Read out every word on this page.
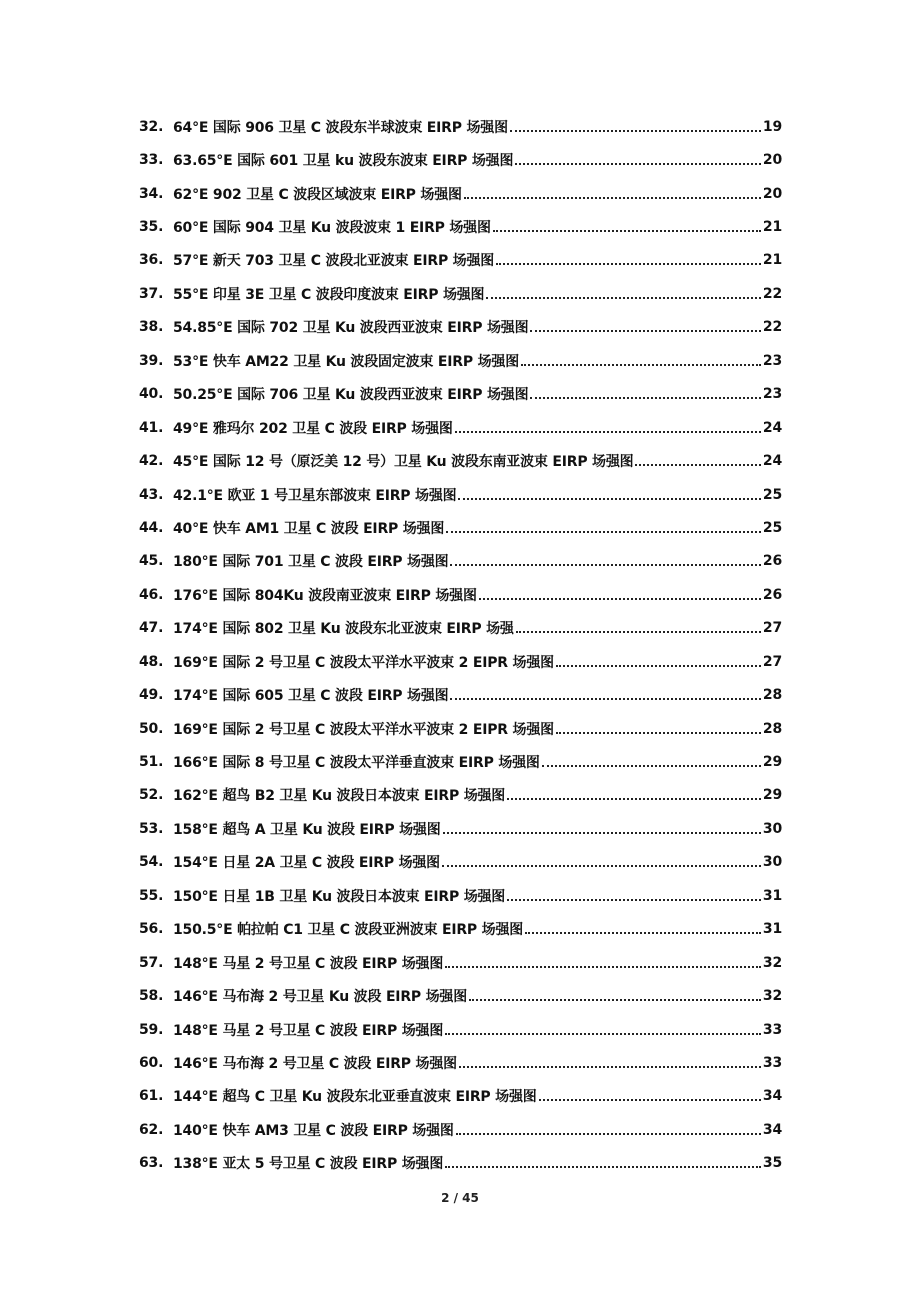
32. 64°E 国际 906 卫星 C 波段东半球波束 EIRP 场强图	19
33. 63.65°E 国际 601 卫星 ku 波段东波束 EIRP 场强图	20
34. 62°E 902 卫星 C 波段区域波束 EIRP 场强图	20
35. 60°E 国际 904 卫星 Ku 波段波束 1 EIRP 场强图	21
36. 57°E 新天 703 卫星 C 波段北亚波束 EIRP 场强图	21
37. 55°E 印星 3E 卫星 C 波段印度波束 EIRP 场强图	22
38. 54.85°E 国际 702 卫星 Ku 波段西亚波束 EIRP 场强图	22
39. 53°E 快车 AM22 卫星 Ku 波段固定波束 EIRP 场强图	23
40. 50.25°E 国际 706 卫星 Ku 波段西亚波束 EIRP 场强图	23
41. 49°E 雅玛尔 202 卫星 C 波段 EIRP 场强图	24
42. 45°E 国际 12 号（原泛美 12 号）卫星 Ku 波段东南亚波束 EIRP 场强图	24
43. 42.1°E 欧亚 1 号卫星东部波束 EIRP 场强图	25
44. 40°E 快车 AM1 卫星 C 波段 EIRP 场强图	25
45. 180°E 国际 701 卫星 C 波段 EIRP 场强图	26
46. 176°E 国际 804Ku 波段南亚波束 EIRP 场强图	26
47. 174°E 国际 802 卫星 Ku 波段东北亚波束 EIRP 场强	27
48. 169°E 国际 2 号卫星 C 波段太平洋水平波束 2 EIPR 场强图	27
49. 174°E 国际 605 卫星 C 波段 EIRP 场强图	28
50. 169°E 国际 2 号卫星 C 波段太平洋水平波束 2 EIPR 场强图	28
51. 166°E 国际 8 号卫星 C 波段太平洋垂直波束 EIRP 场强图	29
52. 162°E 超鸟 B2 卫星 Ku 波段日本波束 EIRP 场强图	29
53. 158°E 超鸟 A 卫星 Ku 波段 EIRP 场强图	30
54. 154°E 日星 2A 卫星 C 波段 EIRP 场强图	30
55. 150°E 日星 1B 卫星 Ku 波段日本波束 EIRP 场强图	31
56. 150.5°E 帕拉帕 C1 卫星 C 波段亚洲波束 EIRP 场强图	31
57. 148°E 马星 2 号卫星 C 波段 EIRP 场强图	32
58. 146°E 马布海 2 号卫星 Ku 波段 EIRP 场强图	32
59. 148°E 马星 2 号卫星 C 波段 EIRP 场强图	33
60. 146°E 马布海 2 号卫星 C 波段 EIRP 场强图	33
61. 144°E 超鸟 C 卫星 Ku 波段东北亚垂直波束 EIRP 场强图	34
62. 140°E 快车 AM3 卫星 C 波段 EIRP 场强图	34
63. 138°E 亚太 5 号卫星 C 波段 EIRP 场强图	35
2 / 45
